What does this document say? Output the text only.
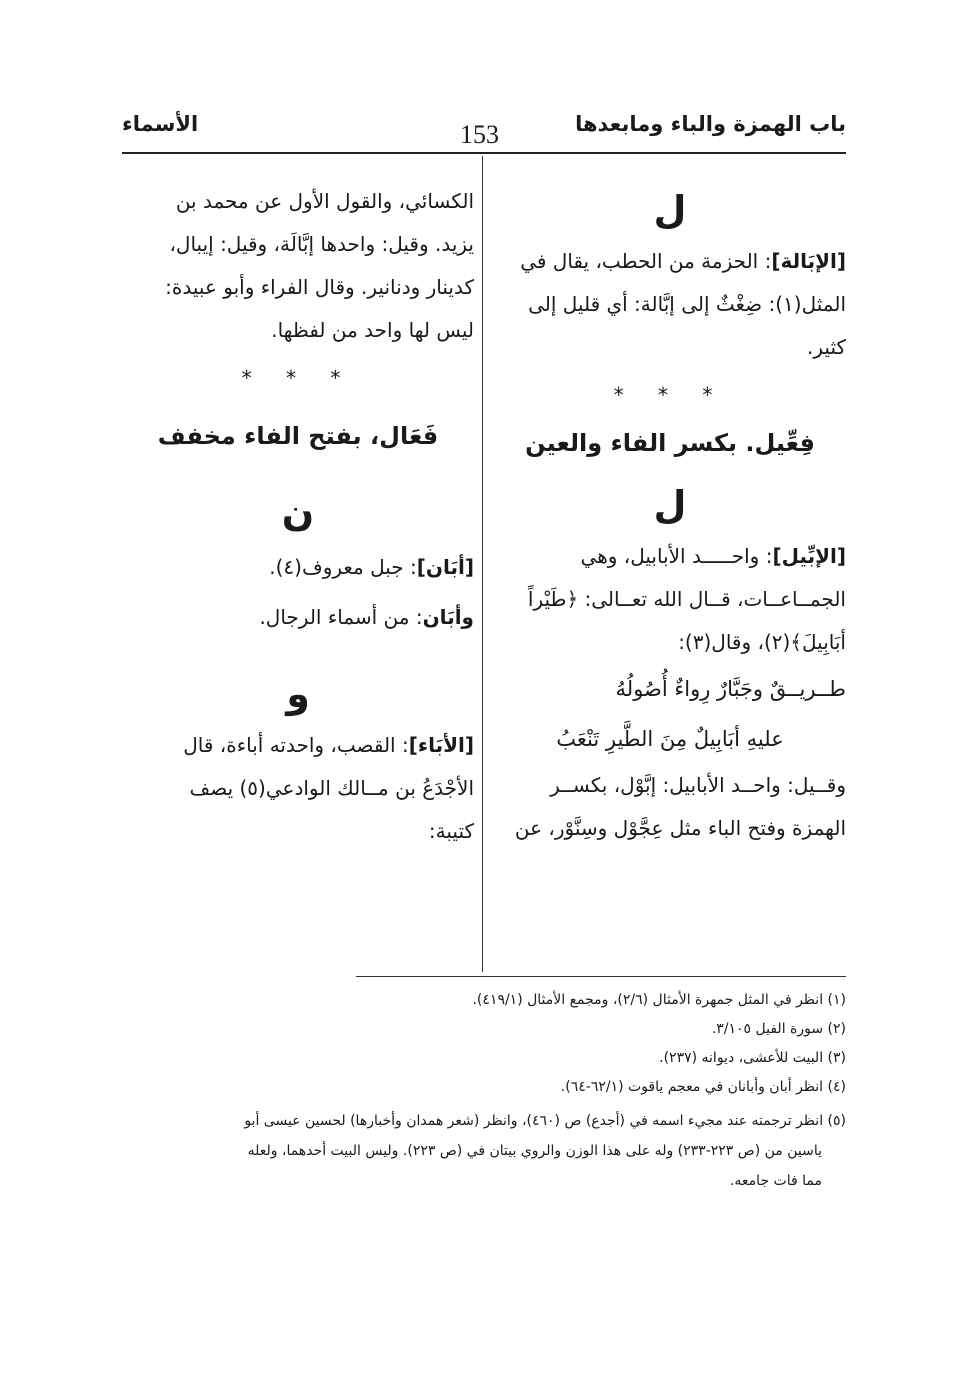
باب الهمزة والباء ومابعدها
153
الأسماء

ل

[الإبَالة]: الحزمة من الحطب، يقال في

المثل(١): ضِغْثٌ إلى إبَّالة: أي قليل إلى

كثير.

* * *

فِعِّيل. بكسر الفاء والعين

ل

[الإبِّيل]: واحـــــد الأبابيل، وهي

الجمــاعــات، قــال الله تعــالى: ﴿طَيْراً

أبَابِيلَ﴾(٢)، وقال(٣):

طــريــقٌ وجَبَّارٌ رِواءٌ أُصُولُهُ

عليهِ أبَابِيلٌ مِنَ الطَّيرِ تَنْعَبُ

وقــيل: واحــد الأبابيل: إبَّوْل، بكســر

الهمزة وفتح الباء مثل عِجَّوْل وسِنَّوْر، عن

الكسائي، والقول الأول عن محمد بن

يزيد. وقيل: واحدها إبَّالَة، وقيل: إيبال،

كدينار ودنانير. وقال الفراء وأبو عبيدة:

ليس لها واحد من لفظها.

* * *

فَعَال، بفتح الفاء مخفف

ن

[أبَان]: جبل معروف(٤).

وأبَان: من أسماء الرجال.

و

[الأبَاء]: القصب، واحدته أباءة، قال

الأجْدَعُ بن مــالك الوادعي(٥) يصف

كتيبة:

(١) انظر في المثل جمهرة الأمثال (٢/٦)، ومجمع الأمثال (٤١٩/١).

(٢) سورة الفيل ٣/١٠٥.

(٣) البيت للأعشى، ديوانه (٢٣٧).

(٤) انظر أبان وأبانان في معجم ياقوت (٦٢/١-٦٤).

(٥) انظر ترجمته عند مجيء اسمه في (أجدع) ص (٤٦٠)، وانظر (شعر همدان وأخبارها) لحسين عيسى أبو

ياسين من (ص ٢٢٣-٢٣٣) وله على هذا الوزن والروي بيتان في (ص ٢٢٣). وليس البيت أحدهما، ولعله

مما فات جامعه.
